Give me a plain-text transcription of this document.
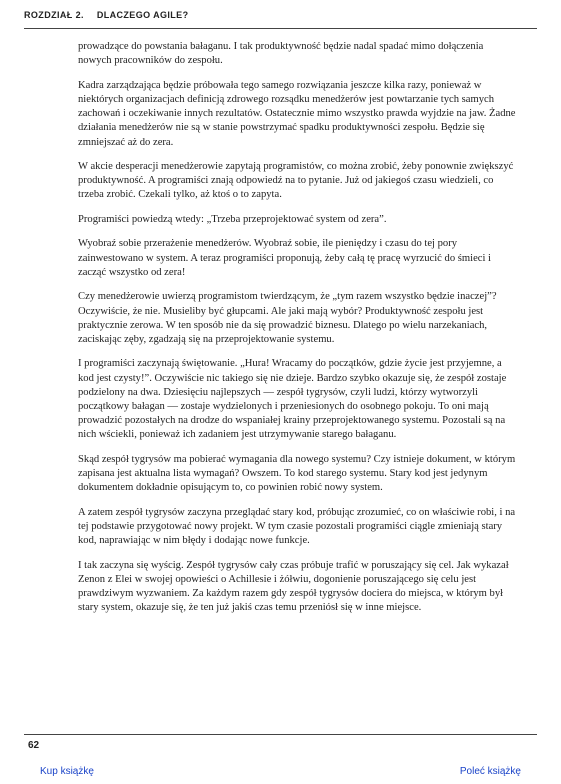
ROZDZIAŁ 2. DLACZEGO AGILE?

prowadzące do powstania bałaganu. I tak produktywność będzie nadal spadać mimo dołączenia nowych pracowników do zespołu.

Kadra zarządzająca będzie próbowała tego samego rozwiązania jeszcze kilka razy, ponieważ w niektórych organizacjach definicją zdrowego rozsądku menedżerów jest powtarzanie tych samych zachowań i oczekiwanie innych rezultatów. Ostatecznie mimo wszystko prawda wyjdzie na jaw. Żadne działania menedżerów nie są w stanie powstrzymać spadku produktywności zespołu. Będzie się zmniejszać aż do zera.

W akcie desperacji menedżerowie zapytają programistów, co można zrobić, żeby ponownie zwiększyć produktywność. A programiści znają odpowiedź na to pytanie. Już od jakiegoś czasu wiedzieli, co trzeba zrobić. Czekali tylko, aż ktoś o to zapyta.

Programiści powiedzą wtedy: „Trzeba przeprojektować system od zera”.

Wyobraź sobie przerażenie menedżerów. Wyobraź sobie, ile pieniędzy i czasu do tej pory zainwestowano w system. A teraz programiści proponują, żeby całą tę pracę wyrzucić do śmieci i zacząć wszystko od zera!

Czy menedżerowie uwierzą programistom twierdzącym, że „tym razem wszystko będzie inaczej”? Oczywiście, że nie. Musieliby być głupcami. Ale jaki mają wybór? Produktywność zespołu jest praktycznie zerowa. W ten sposób nie da się prowadzić biznesu. Dlatego po wielu narzekaniach, zaciskając zęby, zgadzają się na przeprojektowanie systemu.

I programiści zaczynają świętowanie. „Hura! Wracamy do początków, gdzie życie jest przyjemne, a kod jest czysty!”. Oczywiście nic takiego się nie dzieje. Bardzo szybko okazuje się, że zespół zostaje podzielony na dwa. Dziesięciu najlepszych — zespół tygrysów, czyli ludzi, którzy wytworzyli początkowy bałagan — zostaje wydzielonych i przeniesionych do osobnego pokoju. To oni mają prowadzić pozostałych na drodze do wspaniałej krainy przeprojektowanego systemu. Pozostali są na nich wściekli, ponieważ ich zadaniem jest utrzymywanie starego bałaganu.

Skąd zespół tygrysów ma pobierać wymagania dla nowego systemu? Czy istnieje dokument, w którym zapisana jest aktualna lista wymagań? Owszem. To kod starego systemu. Stary kod jest jedynym dokumentem dokładnie opisującym to, co powinien robić nowy system.

A zatem zespół tygrysów zaczyna przeglądać stary kod, próbując zrozumieć, co on właściwie robi, i na tej podstawie przygotować nowy projekt. W tym czasie pozostali programiści ciągle zmieniają stary kod, naprawiając w nim błędy i dodając nowe funkcje.

I tak zaczyna się wyścig. Zespół tygrysów cały czas próbuje trafić w poruszający się cel. Jak wykazał Zenon z Elei w swojej opowieści o Achillesie i żółwiu, dogonienie poruszającego się celu jest prawdziwym wyzwaniem. Za każdym razem gdy zespół tygrysów dociera do miejsca, w którym był stary system, okazuje się, że ten już jakiś czas temu przeniósł się w inne miejsce.

62
Kup książkę	Poleć książkę
